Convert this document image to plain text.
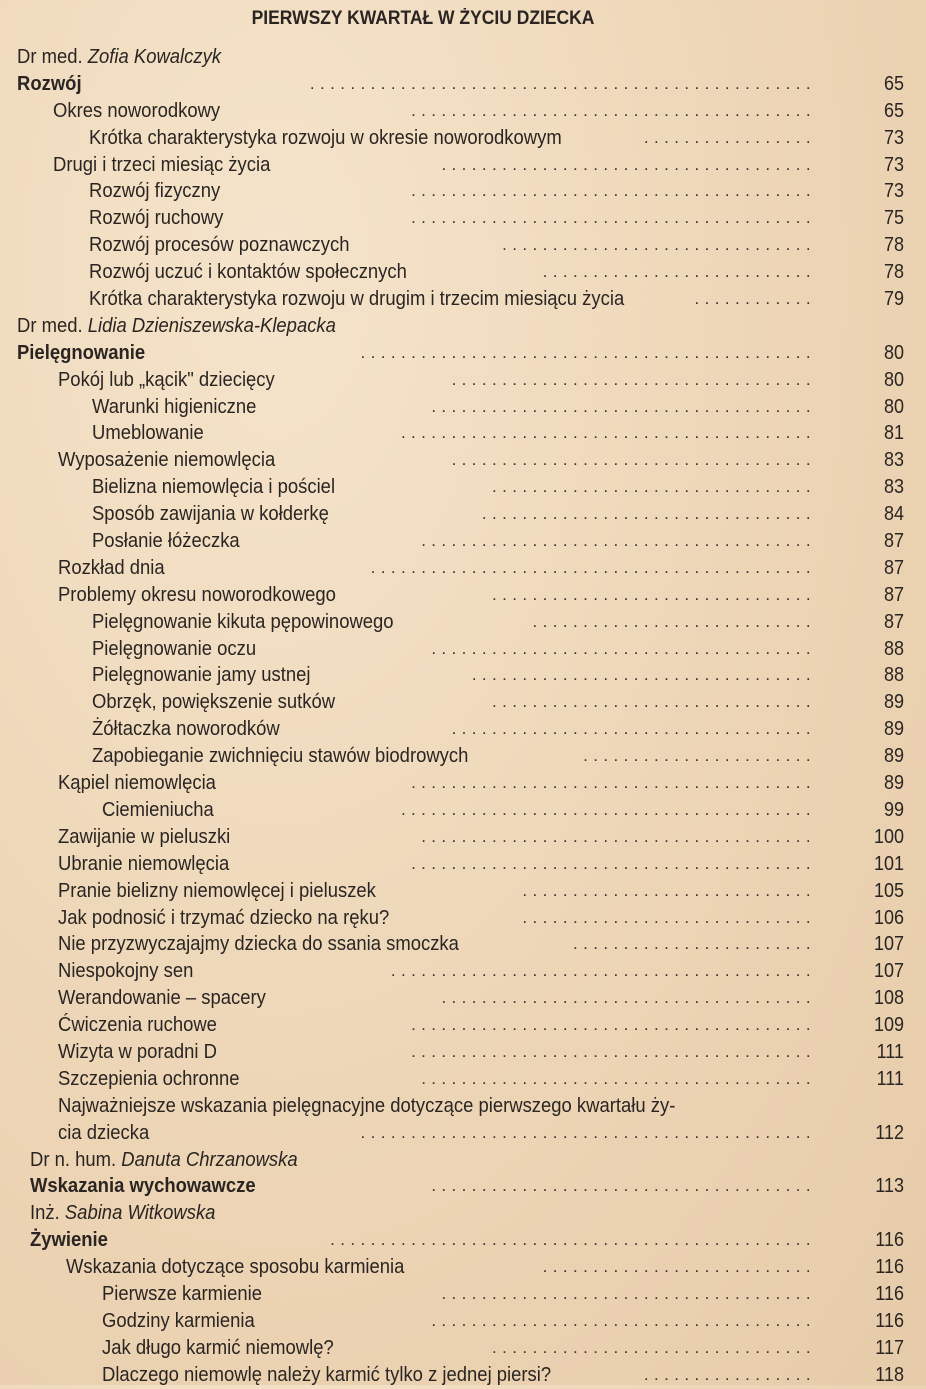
PIERWSZY KWARTAŁ W ŻYCIU DZIECKA
Dr med. Zofia Kowalczyk
Rozwój	65
..................................................
Okres noworodkowy	65
........................................
Krótka charakterystyka rozwoju w okresie noworodkowym	73
.................
Drugi i trzeci miesiąc życia	73
.....................................
Rozwój fizyczny	73
........................................
Rozwój ruchowy	75
........................................
Rozwój procesów poznawczych	78
...............................
Rozwój uczuć i kontaktów społecznych	78
...........................
Krótka charakterystyka rozwoju w drugim i trzecim miesiącu życia	79
............
Dr med. Lidia Dzieniszewska-Klepacka
Pielęgnowanie	80
.............................................
Pokój lub „kącik" dziecięcy	80
....................................
Warunki higieniczne	80
......................................
Umeblowanie	81
.........................................
Wyposażenie niemowlęcia	83
....................................
Bielizna niemowlęcia i pościel	83
................................
Sposób zawijania w kołderkę	84
.................................
Posłanie łóżeczka	87
.......................................
Rozkład dnia	87
............................................
Problemy okresu noworodkowego	87
................................
Pielęgnowanie kikuta pępowinowego	87
............................
Pielęgnowanie oczu	88
......................................
Pielęgnowanie jamy ustnej	88
..................................
Obrzęk, powiększenie sutków	89
................................
Żółtaczka noworodków	89
....................................
Zapobieganie zwichnięciu stawów biodrowych	89
.......................
Kąpiel niemowlęcia	89
........................................
Ciemieniucha	99
.........................................
Zawijanie w pieluszki	100
.......................................
Ubranie niemowlęcia	101
........................................
Pranie bielizny niemowlęcej i pieluszek	105
.............................
Jak podnosić i trzymać dziecko na ręku?	106
.............................
Nie przyzwyczajajmy dziecka do ssania smoczka	107
........................
Niespokojny sen	107
..........................................
Werandowanie – spacery	108
.....................................
Ćwiczenia ruchowe	109
........................................
Wizyta w poradni D	111
........................................
Szczepienia ochronne	111
.......................................
Najważniejsze wskazania pielęgnacyjne dotyczące pierwszego kwartału ży-
cia dziecka	112
.............................................
Dr n. hum. Danuta Chrzanowska
Wskazania wychowawcze	113
......................................
Inż. Sabina Witkowska
Żywienie	116
................................................
Wskazania dotyczące sposobu karmienia	116
...........................
Pierwsze karmienie	116
.....................................
Godziny karmienia	116
......................................
Jak długo karmić niemowlę?	117
................................
Dlaczego niemowlę należy karmić tylko z jednej piersi?	118
.................
